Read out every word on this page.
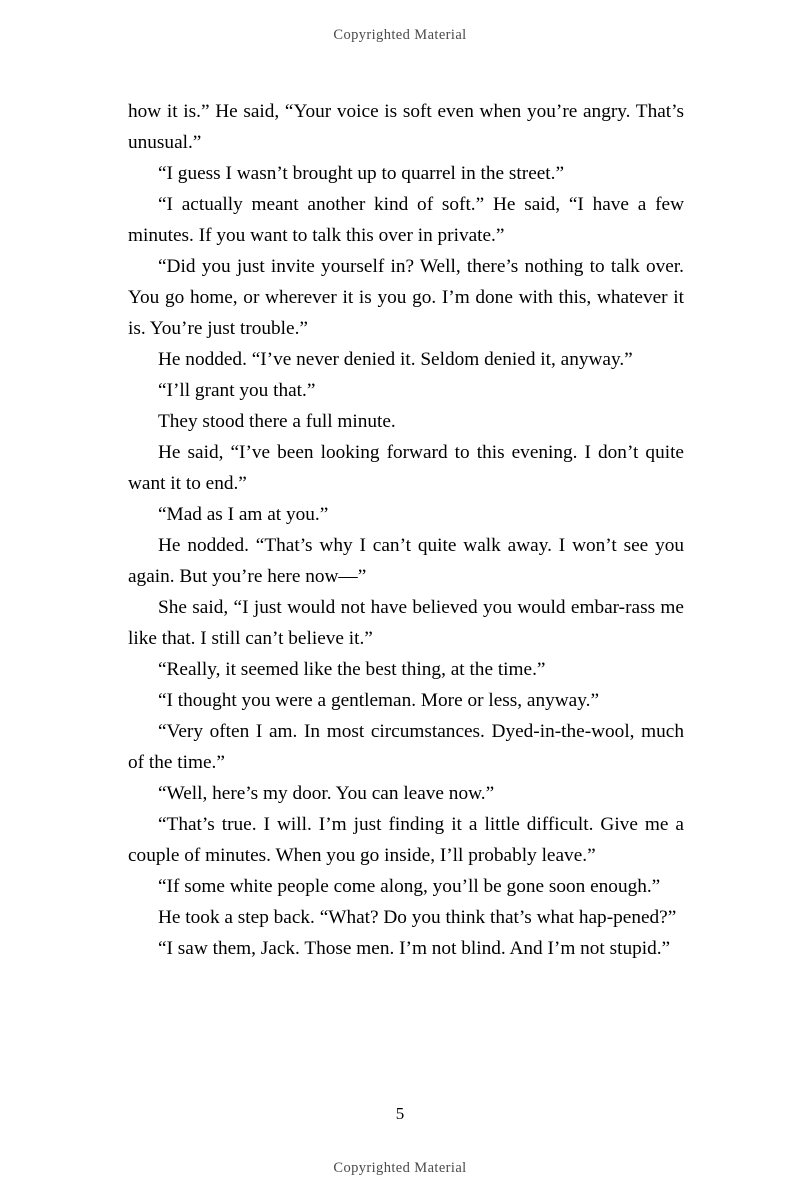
Copyrighted Material

how it is.” He said, “Your voice is soft even when you’re angry. That’s unusual.”

“I guess I wasn’t brought up to quarrel in the street.”

“I actually meant another kind of soft.” He said, “I have a few minutes. If you want to talk this over in private.”

“Did you just invite yourself in? Well, there’s nothing to talk over. You go home, or wherever it is you go. I’m done with this, whatever it is. You’re just trouble.”

He nodded. “I’ve never denied it. Seldom denied it, anyway.”

“I’ll grant you that.”

They stood there a full minute.

He said, “I’ve been looking forward to this evening. I don’t quite want it to end.”

“Mad as I am at you.”

He nodded. “That’s why I can’t quite walk away. I won’t see you again. But you’re here now—”

She said, “I just would not have believed you would embar-rass me like that. I still can’t believe it.”

“Really, it seemed like the best thing, at the time.”

“I thought you were a gentleman. More or less, anyway.”

“Very often I am. In most circumstances. Dyed-in-the-wool, much of the time.”

“Well, here’s my door. You can leave now.”

“That’s true. I will. I’m just finding it a little difficult. Give me a couple of minutes. When you go inside, I’ll probably leave.”

“If some white people come along, you’ll be gone soon enough.”

He took a step back. “What? Do you think that’s what hap-pened?”

“I saw them, Jack. Those men. I’m not blind. And I’m not stupid.”

5
Copyrighted Material
